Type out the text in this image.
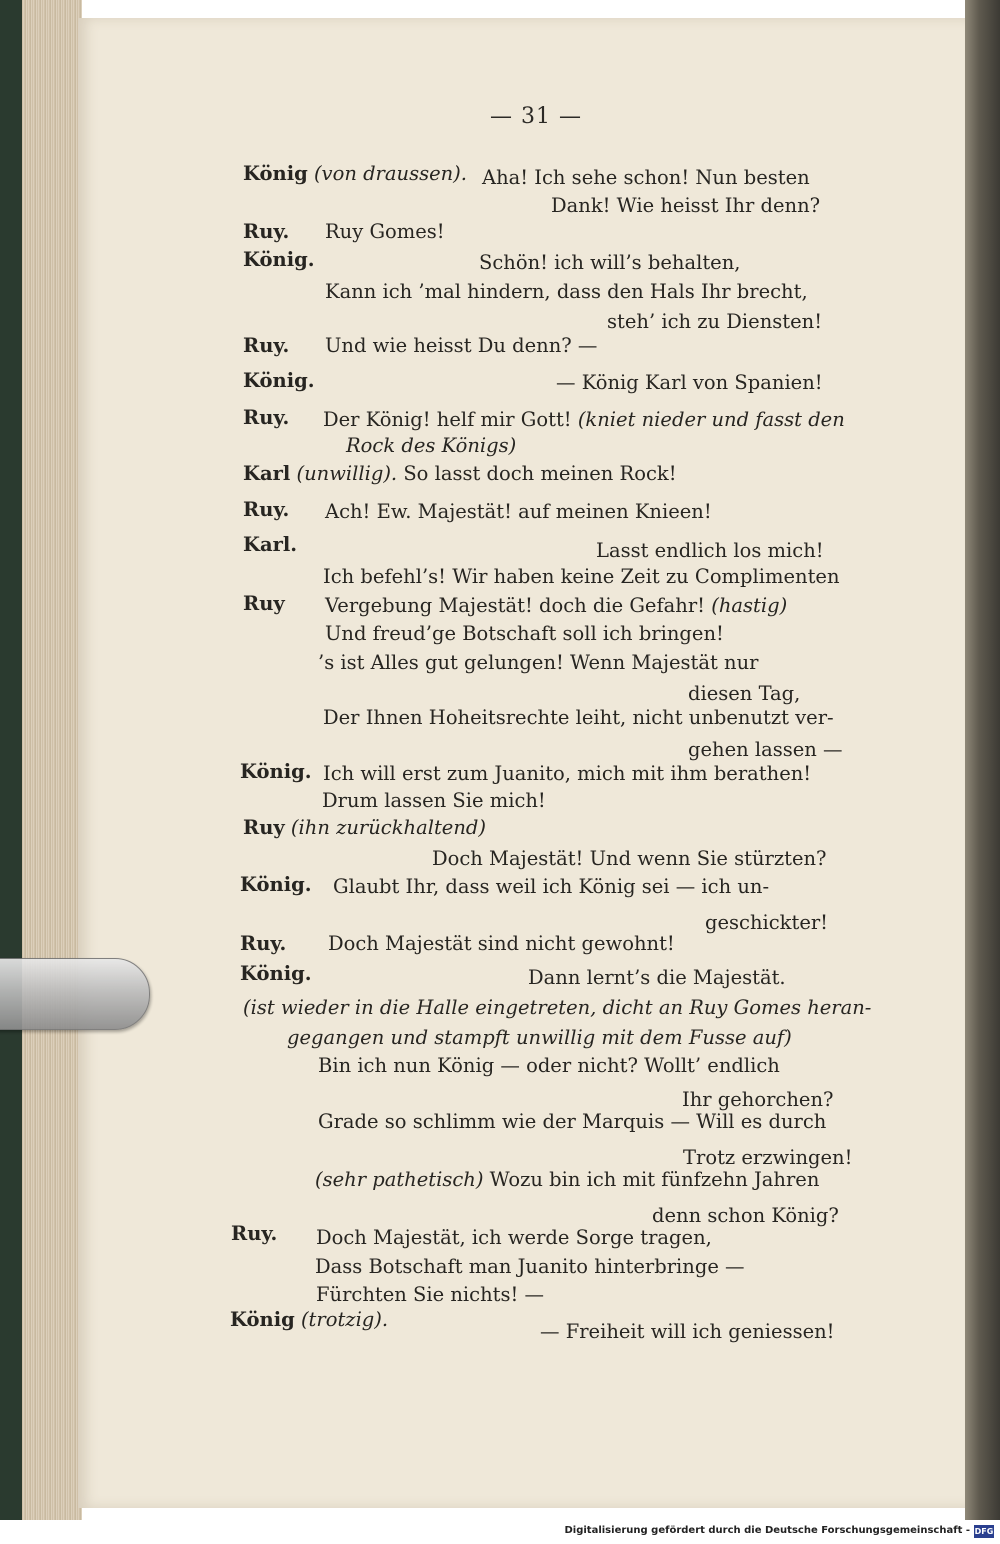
— 31 —
König (von draussen). Aha! Ich sehe schon! Nun besten
Dank! Wie heisst Ihr denn?
Ruy. Ruy Gomes!
König.	Schön! ich will’s behalten,
Kann ich ’mal hindern, dass den Hals Ihr brecht,
steh’ ich zu Diensten!
Ruy. Und wie heisst Du denn? —
König.	— König Karl von Spanien!
Ruy. Der König! helf mir Gott! (kniet nieder und fasst den
Rock des Königs)
Karl (unwillig). So lasst doch meinen Rock!
Ruy. Ach! Ew. Majestät! auf meinen Knieen!
Karl.	Lasst endlich los mich!
Ich befehl’s! Wir haben keine Zeit zu Complimenten
Ruy Vergebung Majestät! doch die Gefahr! (hastig)
Und freud’ge Botschaft soll ich bringen!
’s ist Alles gut gelungen! Wenn Majestät nur
diesen Tag,
Der Ihnen Hoheitsrechte leiht, nicht unbenutzt ver-
gehen lassen —
König. Ich will erst zum Juanito, mich mit ihm berathen!
Drum lassen Sie mich!
Ruy (ihn zurückhaltend)
Doch Majestät! Und wenn Sie stürzten?
König. Glaubt Ihr, dass weil ich König sei — ich un-
geschickter!
Ruy. Doch Majestät sind nicht gewohnt!
König.	Dann lernt’s die Majestät.
(ist wieder in die Halle eingetreten, dicht an Ruy Gomes heran-
gegangen und stampft unwillig mit dem Fusse auf)
Bin ich nun König — oder nicht? Wollt’ endlich
Ihr gehorchen?
Grade so schlimm wie der Marquis — Will es durch
Trotz erzwingen!
(sehr pathetisch) Wozu bin ich mit fünfzehn Jahren
denn schon König?
Ruy. Doch Majestät, ich werde Sorge tragen,
Dass Botschaft man Juanito hinterbringe —
Fürchten Sie nichts! —
König (trotzig).
— Freiheit will ich geniessen!
Digitalisierung gefördert durch die Deutsche Forschungsgemeinschaft - DFG
